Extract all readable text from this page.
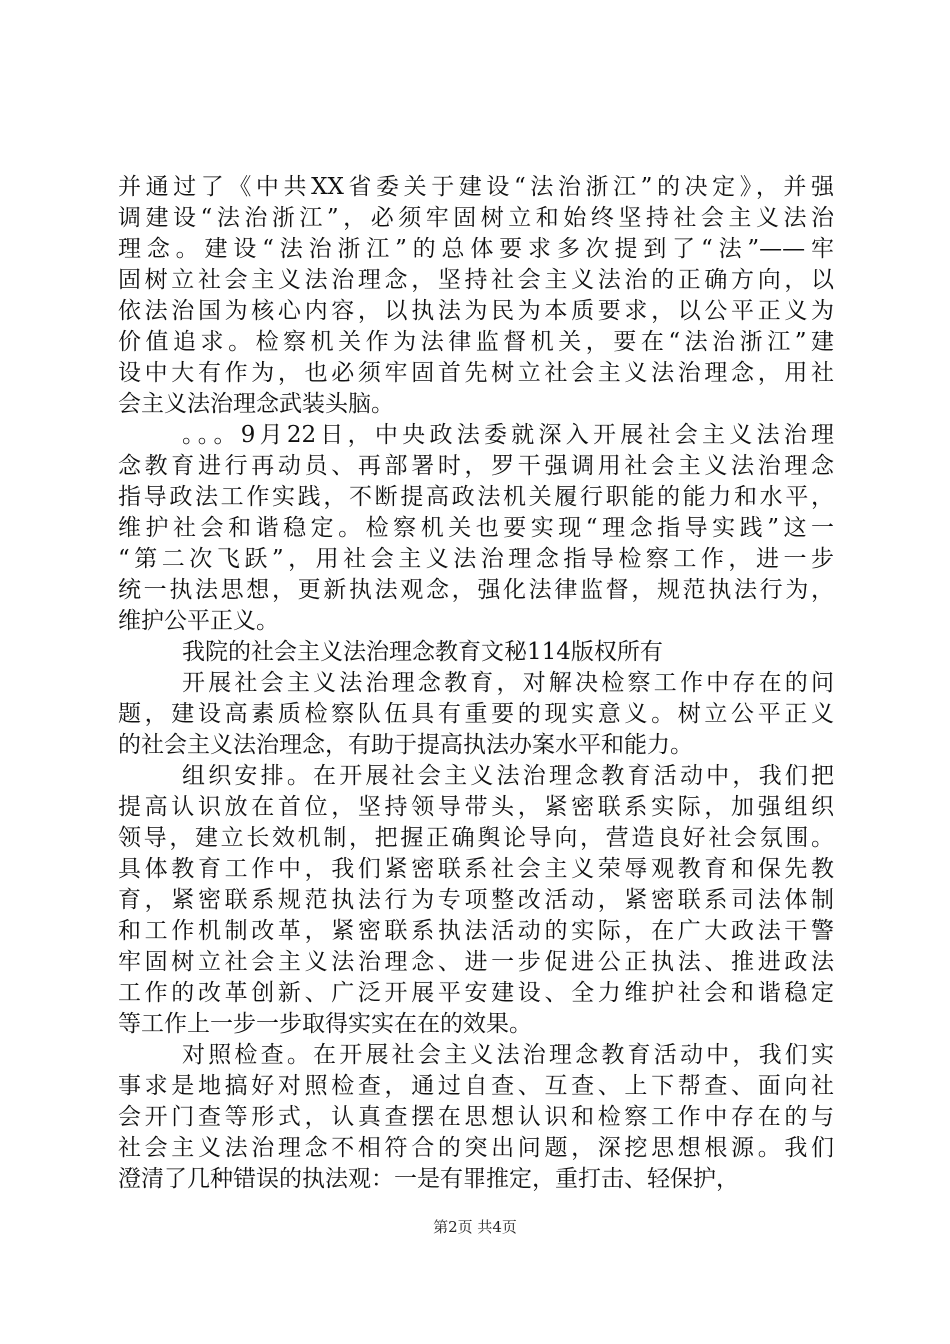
并通过了《中共XX省委关于建设“法治浙江”的决定》，并强
调建设“法治浙江”，必须牢固树立和始终坚持社会主义法治
理念。建设“法治浙江”的总体要求多次提到了“法”——牢
固树立社会主义法治理念，坚持社会主义法治的正确方向，以
依法治国为核心内容，以执法为民为本质要求，以公平正义为
价值追求。检察机关作为法律监督机关，要在“法治浙江”建
设中大有作为，也必须牢固首先树立社会主义法治理念，用社
会主义法治理念武装头脑。
。。。9月22日，中央政法委就深入开展社会主义法治理
念教育进行再动员、再部署时，罗干强调用社会主义法治理念
指导政法工作实践，不断提高政法机关履行职能的能力和水平，
维护社会和谐稳定。检察机关也要实现“理念指导实践”这一
“第二次飞跃”，用社会主义法治理念指导检察工作，进一步
统一执法思想，更新执法观念，强化法律监督，规范执法行为，
维护公平正义。
我院的社会主义法治理念教育文秘114版权所有
开展社会主义法治理念教育，对解决检察工作中存在的问
题，建设高素质检察队伍具有重要的现实意义。树立公平正义
的社会主义法治理念，有助于提高执法办案水平和能力。
组织安排。在开展社会主义法治理念教育活动中，我们把
提高认识放在首位，坚持领导带头，紧密联系实际，加强组织
领导，建立长效机制，把握正确舆论导向，营造良好社会氛围。
具体教育工作中，我们紧密联系社会主义荣辱观教育和保先教
育，紧密联系规范执法行为专项整改活动，紧密联系司法体制
和工作机制改革，紧密联系执法活动的实际，在广大政法干警
牢固树立社会主义法治理念、进一步促进公正执法、推进政法
工作的改革创新、广泛开展平安建设、全力维护社会和谐稳定
等工作上一步一步取得实实在在的效果。
对照检查。在开展社会主义法治理念教育活动中，我们实
事求是地搞好对照检查，通过自查、互查、上下帮查、面向社
会开门查等形式，认真查摆在思想认识和检察工作中存在的与
社会主义法治理念不相符合的突出问题，深挖思想根源。我们
澄清了几种错误的执法观：一是有罪推定，重打击、轻保护，
第2页 共4页
